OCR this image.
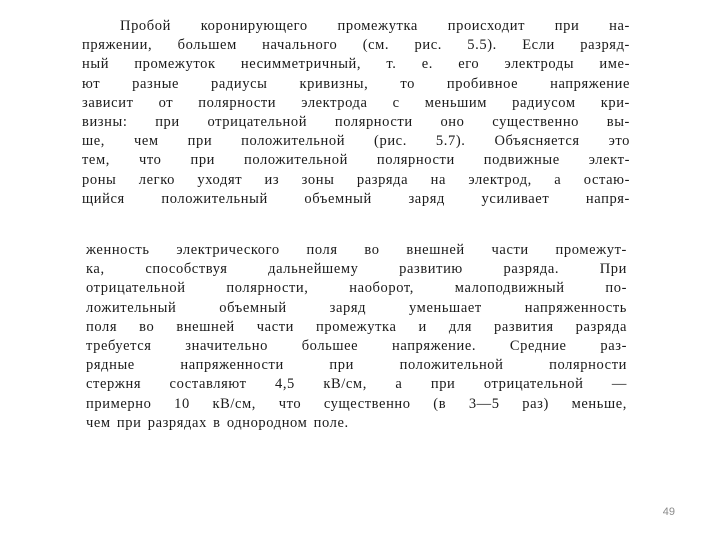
Пробой коронирующего промежутка происходит при на-
пряжении, большем начального (см. рис. 5.5). Если разряд-
ный промежуток несимметричный, т. е. его электроды име-
ют разные радиусы кривизны, то пробивное напряжение
зависит от полярности электрода с меньшим радиусом кри-
визны: при отрицательной полярности оно существенно вы-
ше, чем при положительной (рис. 5.7). Объясняется это
тем, что при положительной полярности подвижные элект-
роны легко уходят из зоны разряда на электрод, а остаю-
щийся положительный объемный заряд усиливает напря-
женность электрического поля во внешней части промежут-
ка, способствуя дальнейшему развитию разряда. При
отрицательной полярности, наоборот, малоподвижный по-
ложительный объемный заряд уменьшает напряженность
поля во внешней части промежутка и для развития разряда
требуется значительно большее напряжение. Средние раз-
рядные напряженности при положительной полярности
стержня составляют 4,5 кВ/см, а при отрицательной —
примерно 10 кВ/см, что существенно (в 3—5 раз) меньше,
чем при разрядах в однородном поле.
49
